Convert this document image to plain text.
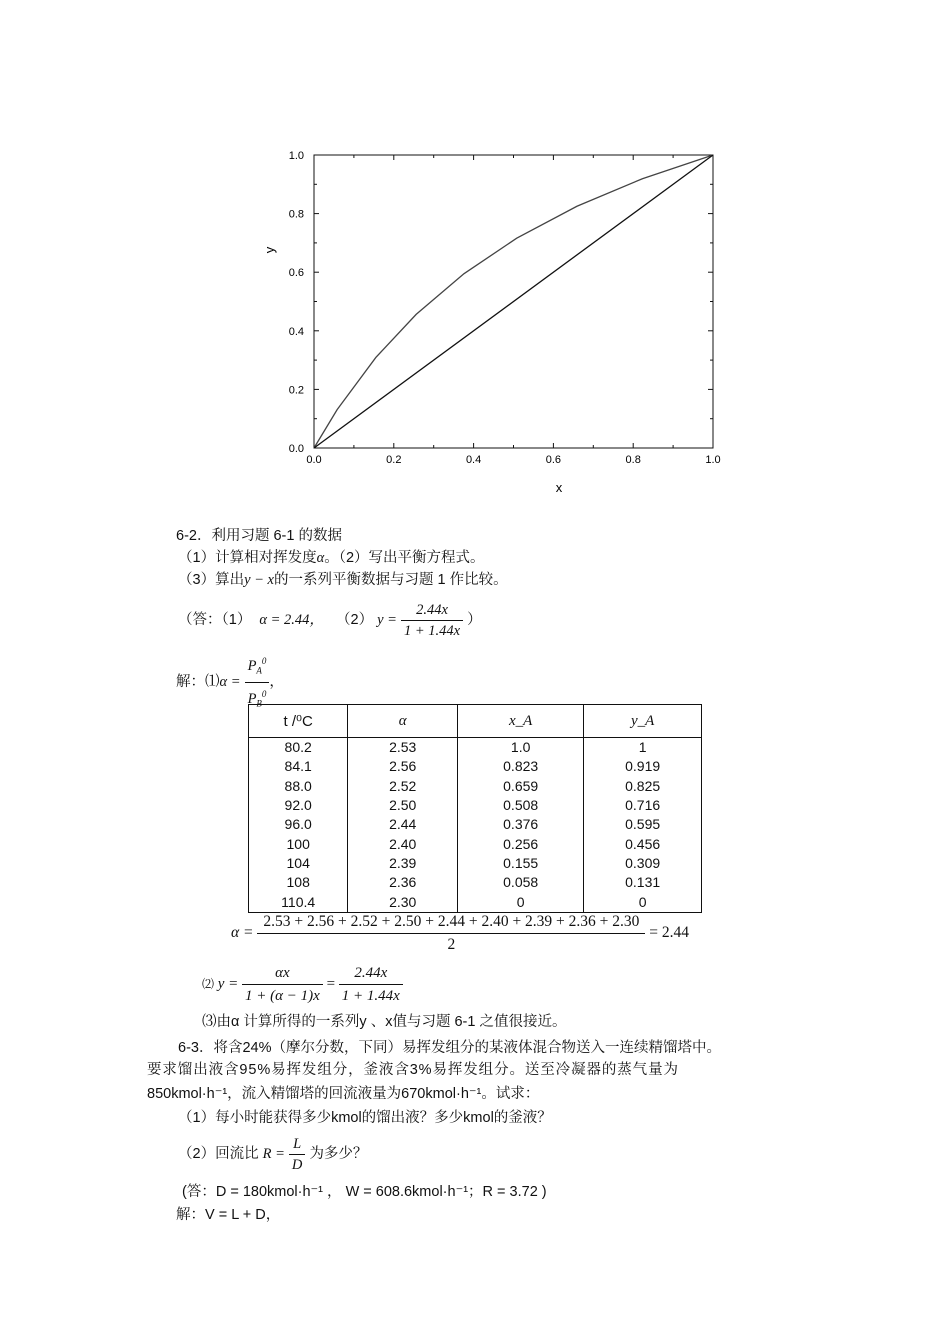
0.0	0.2	0.4	0.6	0.8	1.0
0.0
0.2
0.4
0.6
0.8
1.0
x
y
6-2．利用习题 6-1 的数据
（1）计算相对挥发度α。（2）写出平衡方程式。
（3）算出y − x的一系列平衡数据与习题 1 作比较。
（答：（1） α = 2.44， （2） $y = \frac{2.44x}{1 + 1.44x}$ ）
解：⑴α = $\frac{P_A^0}{P_B^0}$ ，
t /⁰C	α	x_A	y_A
80.2	2.53	1.0	1
84.1	2.56	0.823	0.919
88.0	2.52	0.659	0.825
92.0	2.50	0.508	0.716
96.0	2.44	0.376	0.595
100	2.40	0.256	0.456
104	2.39	0.155	0.309
108	2.36	0.058	0.131
110.4	2.30	0	0
$\alpha = \frac{2.53 + 2.56 + 2.52 + 2.50 + 2.44 + 2.40 + 2.39 + 2.36 + 2.30}{2} = 2.44$
⑵ $y = \frac{\alpha x}{1 + (\alpha - 1)x} = \frac{2.44x}{1 + 1.44x}$
⑶由α 计算所得的一系列y 、x值与习题 6-1 之值很接近。
6-3．将含24%（摩尔分数，下同）易挥发组分的某液体混合物送入一连续精馏塔中。
要求馏出液含95%易挥发组分，釜液含3%易挥发组分。送至冷凝器的蒸气量为
850kmol·h⁻¹，流入精馏塔的回流液量为670kmol·h⁻¹。试求：
（1）每小时能获得多少kmol的馏出液？多少kmol的釜液？
（2）回流比 $R = \frac{L}{D}$ 为多少？
(答：D = 180kmol·h⁻¹ ， W = 608.6kmol·h⁻¹；R = 3.72 )
解：V = L + D，
